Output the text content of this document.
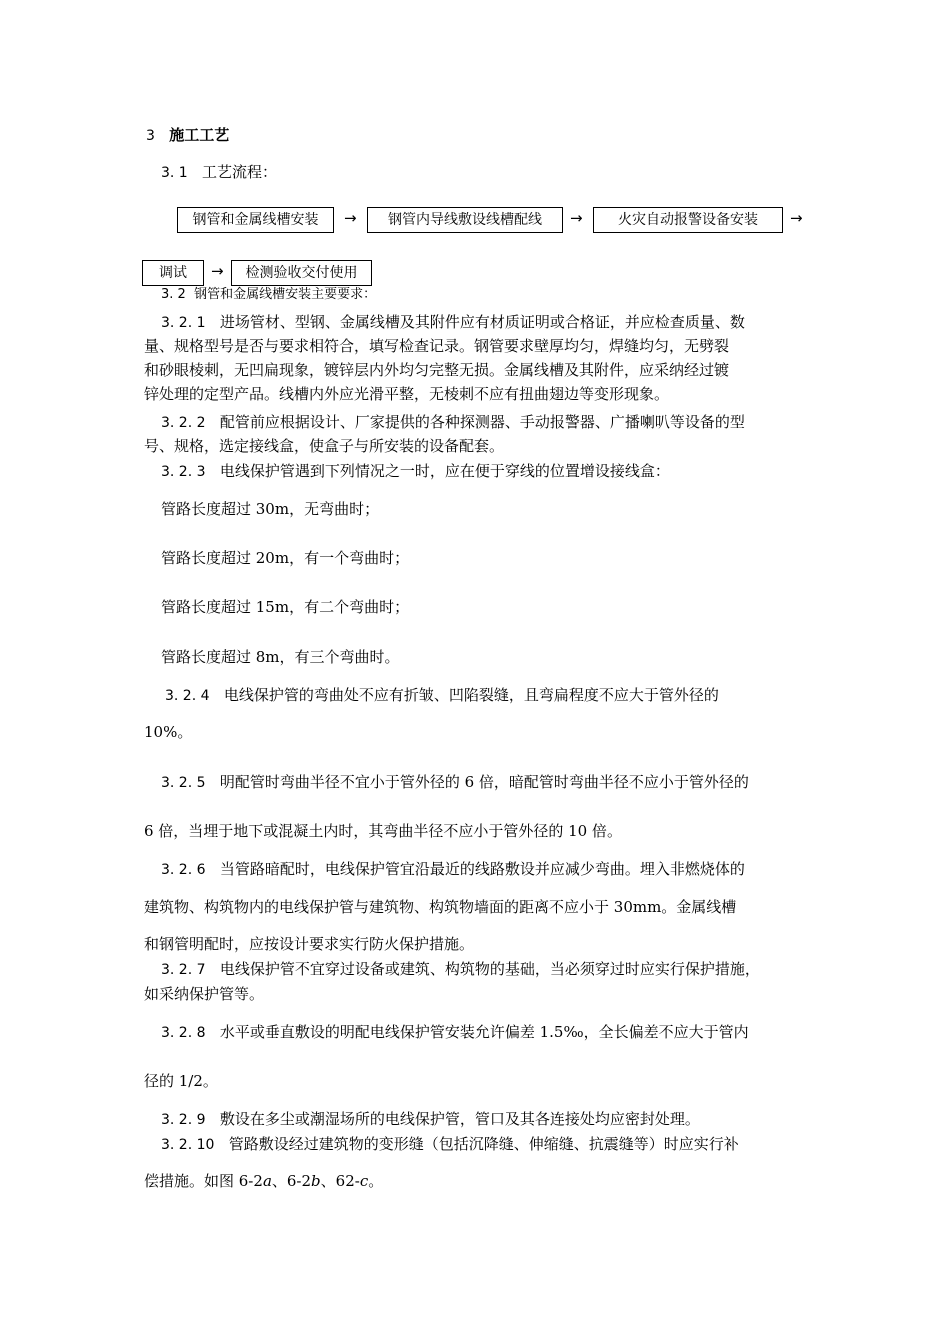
3 施工工艺
3. 1 工艺流程：
钢管和金属线槽安装	→	钢管内导线敷设线槽配线	→	火灾自动报警设备安装	→
调试	→	检测验收交付使用
3. 2 钢管和金属线槽安装主要要求：
3. 2. 1 进场管材、型钢、金属线槽及其附件应有材质证明或合格证，并应检查质量、数
量、规格型号是否与要求相符合，填写检查记录。钢管要求壁厚均匀，焊缝均匀，无劈裂
和砂眼棱刺，无凹扁现象，镀锌层内外均匀完整无损。金属线槽及其附件，应采纳经过镀
锌处理的定型产品。线槽内外应光滑平整，无棱刺不应有扭曲翅边等变形现象。
3. 2. 2 配管前应根据设计、厂家提供的各种探测器、手动报警器、广播喇叭等设备的型
号、规格，选定接线盒，使盒子与所安装的设备配套。
3. 2. 3 电线保护管遇到下列情况之一时，应在便于穿线的位置增设接线盒：
管路长度超过 30m，无弯曲时；
管路长度超过 20m，有一个弯曲时；
管路长度超过 15m，有二个弯曲时；
管路长度超过 8m，有三个弯曲时。
3. 2. 4 电线保护管的弯曲处不应有折皱、凹陷裂缝，且弯扁程度不应大于管外径的
10%。
3. 2. 5 明配管时弯曲半径不宜小于管外径的 6 倍，暗配管时弯曲半径不应小于管外径的
6 倍，当埋于地下或混凝土内时，其弯曲半径不应小于管外径的 10 倍。
3. 2. 6 当管路暗配时，电线保护管宜沿最近的线路敷设并应减少弯曲。埋入非燃烧体的
建筑物、构筑物内的电线保护管与建筑物、构筑物墙面的距离不应小于 30mm。金属线槽
和钢管明配时，应按设计要求实行防火保护措施。
3. 2. 7 电线保护管不宜穿过设备或建筑、构筑物的基础，当必须穿过时应实行保护措施，
如采纳保护管等。
3. 2. 8 水平或垂直敷设的明配电线保护管安装允许偏差 1.5‰，全长偏差不应大于管内
径的 1/2。
3. 2. 9 敷设在多尘或潮湿场所的电线保护管，管口及其各连接处均应密封处理。
3. 2. 10 管路敷设经过建筑物的变形缝（包括沉降缝、伸缩缝、抗震缝等）时应实行补
偿措施。如图 6-2a、6-2b、62-c。
